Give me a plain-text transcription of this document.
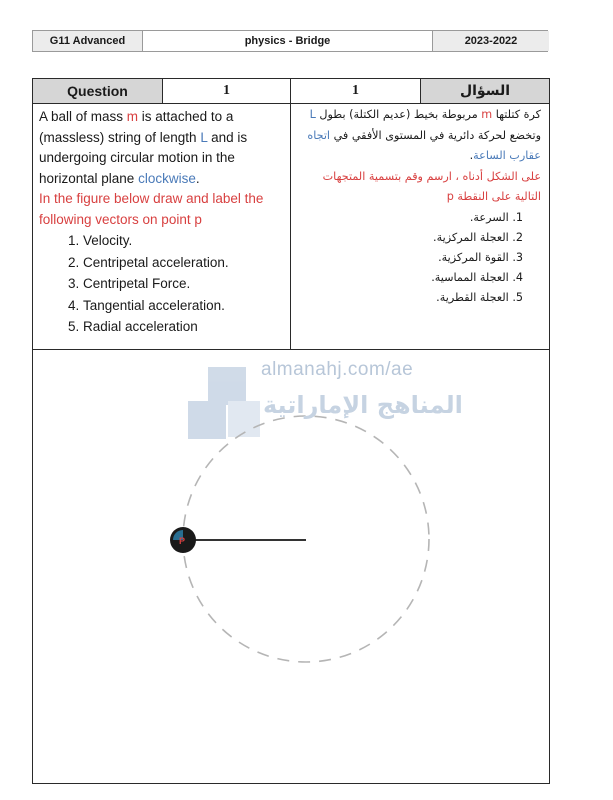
G11 Advanced	physics - Bridge	2023-2022
Question	1	1	السؤال

A ball of mass m is attached to a (massless) string of length L and is undergoing circular motion in the horizontal plane clockwise.

In the figure below draw and label the following vectors on point p

1. Velocity.
2. Centripetal acceleration.
3. Centripetal Force.
4. Tangential acceleration.
5. Radial acceleration

كرة كتلتها m مربوطة بخيط (عديم الكتلة) بطول L وتخضع لحركة دائرية في المستوى الأفقي في اتجاه عقارب الساعة.

على الشكل أدناه ، ارسم وقم بتسمية المتجهات التالية على النقطة p

1. السرعة.
2. العجلة المركزية.
3. القوة المركزية.
4. العجلة المماسية.
5. العجلة القطرية.
P
almanahj.com/ae
المناهج الإماراتية
